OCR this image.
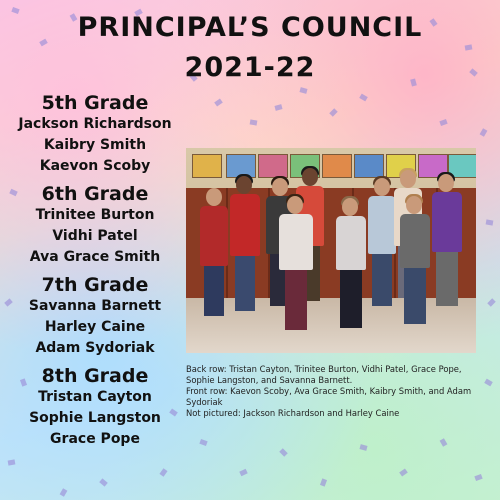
PRINCIPAL’S COUNCIL
2021-22

5th Grade

Jackson Richardson

Kaibry Smith

Kaevon Scoby

6th Grade

Trinitee Burton

Vidhi Patel

Ava Grace Smith

7th Grade

Savanna Barnett

Harley Caine

Adam Sydoriak

8th Grade

Tristan Cayton

Sophie Langston

Grace Pope

Back row: Tristan Cayton, Trinitee Burton, Vidhi Patel, Grace Pope, Sophie Langston, and Savanna Barnett.

Front row: Kaevon Scoby, Ava Grace Smith, Kaibry Smith, and Adam Sydoriak

Not pictured: Jackson Richardson and Harley Caine
